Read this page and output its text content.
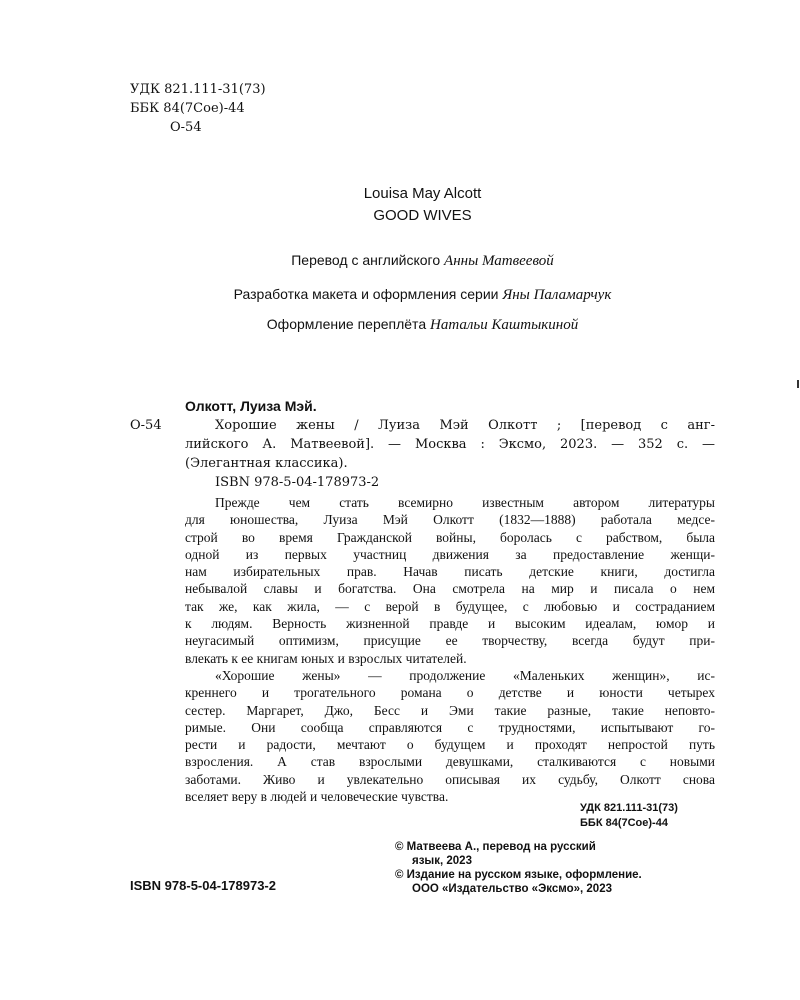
УДК 821.111-31(73)
ББК 84(7Сое)-44
О-54
Louisa May Alcott
GOOD WIVES
Перевод с английского Анны Матвеевой
Разработка макета и оформления серии Яны Паламарчук
Оформление переплёта Натальи Каштыкиной
Олкотт, Луиза Мэй.
О-54	Хорошие жены / Луиза Мэй Олкотт ; [перевод с анг-
лийского А. Матвеевой]. — Москва : Эксмо, 2023. — 352 с. —
(Элегантная классика).
ISBN 978-5-04-178973-2
Прежде чем стать всемирно известным автором литературы
для юношества, Луиза Мэй Олкотт (1832—1888) работала медсе-
строй во время Гражданской войны, боролась с рабством, была
одной из первых участниц движения за предоставление женщи-
нам избирательных прав. Начав писать детские книги, достигла
небывалой славы и богатства. Она смотрела на мир и писала о нем
так же, как жила, — с верой в будущее, с любовью и состраданием
к людям. Верность жизненной правде и высоким идеалам, юмор и
неугасимый оптимизм, присущие ее творчеству, всегда будут при-
влекать к ее книгам юных и взрослых читателей.
«Хорошие жены» — продолжение «Маленьких женщин», ис-
креннего и трогательного романа о детстве и юности четырех
сестер. Маргарет, Джо, Бесс и Эми такие разные, такие неповто-
римые. Они сообща справляются с трудностями, испытывают го-
рести и радости, мечтают о будущем и проходят непростой путь
взросления. А став взрослыми девушками, сталкиваются с новыми
заботами. Живо и увлекательно описывая их судьбу, Олкотт снова
вселяет веру в людей и человеческие чувства.
УДК 821.111-31(73)
ББК 84(7Сое)-44
© Матвеева А., перевод на русский
язык, 2023
© Издание на русском языке, оформление.
ООО «Издательство «Эксмо», 2023
ISBN 978-5-04-178973-2
